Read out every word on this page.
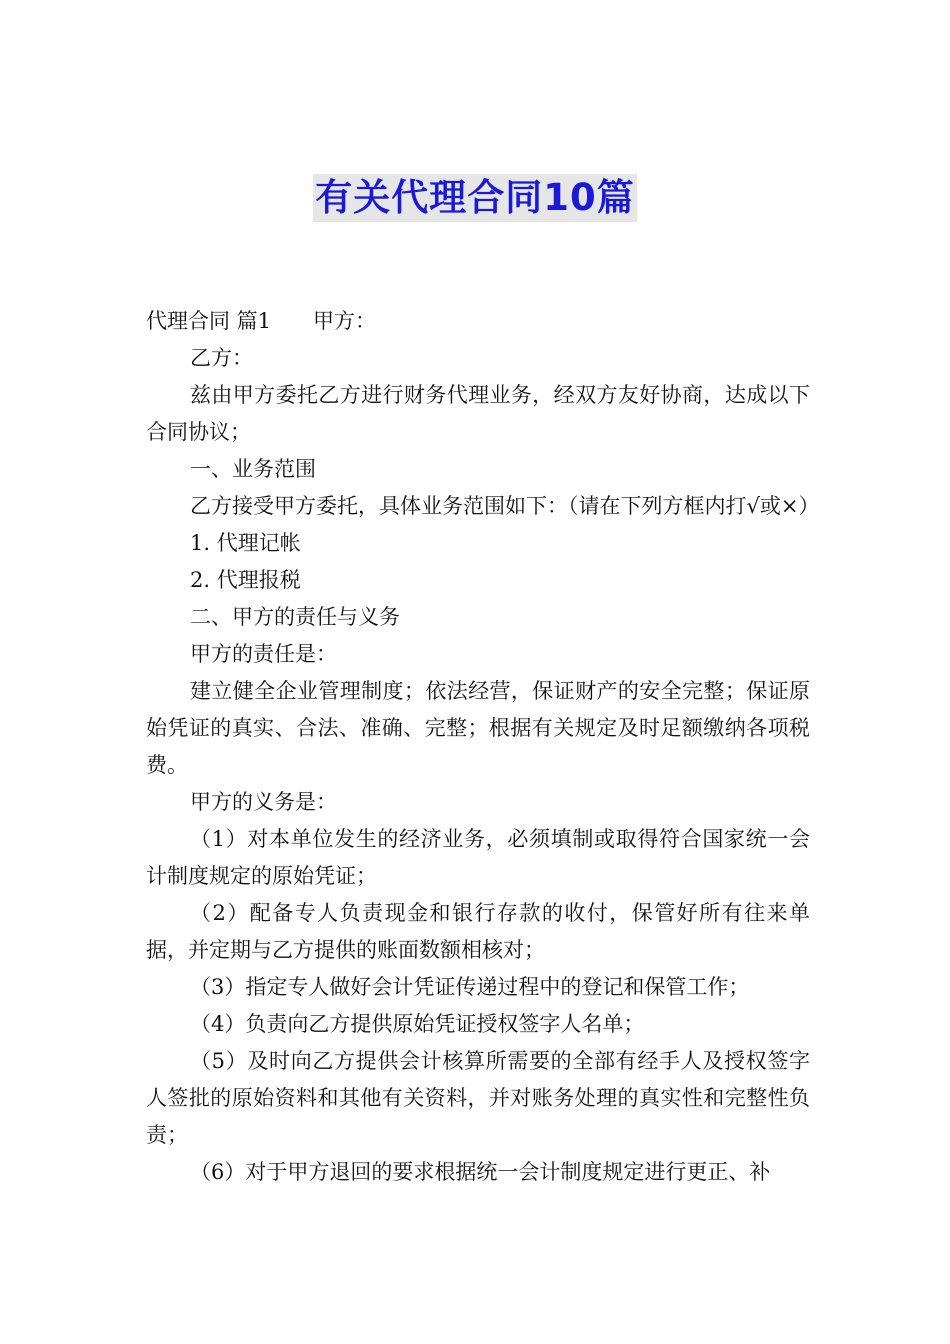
有关代理合同10篇

代理合同 篇1 甲方：

乙方：

兹由甲方委托乙方进行财务代理业务，经双方友好协商，达成以下合同协议；

一、业务范围

乙方接受甲方委托，具体业务范围如下：（请在下列方框内打√或×）

1. 代理记帐

2. 代理报税

二、甲方的责任与义务

甲方的责任是：

建立健全企业管理制度；依法经营，保证财产的安全完整；保证原始凭证的真实、合法、准确、完整；根据有关规定及时足额缴纳各项税费。

甲方的义务是：

（1）对本单位发生的经济业务，必须填制或取得符合国家统一会计制度规定的原始凭证；

（2）配备专人负责现金和银行存款的收付，保管好所有往来单据，并定期与乙方提供的账面数额相核对；

（3）指定专人做好会计凭证传递过程中的登记和保管工作；

（4）负责向乙方提供原始凭证授权签字人名单；

（5）及时向乙方提供会计核算所需要的全部有经手人及授权签字人签批的原始资料和其他有关资料，并对账务处理的真实性和完整性负责；

（6）对于甲方退回的要求根据统一会计制度规定进行更正、补
